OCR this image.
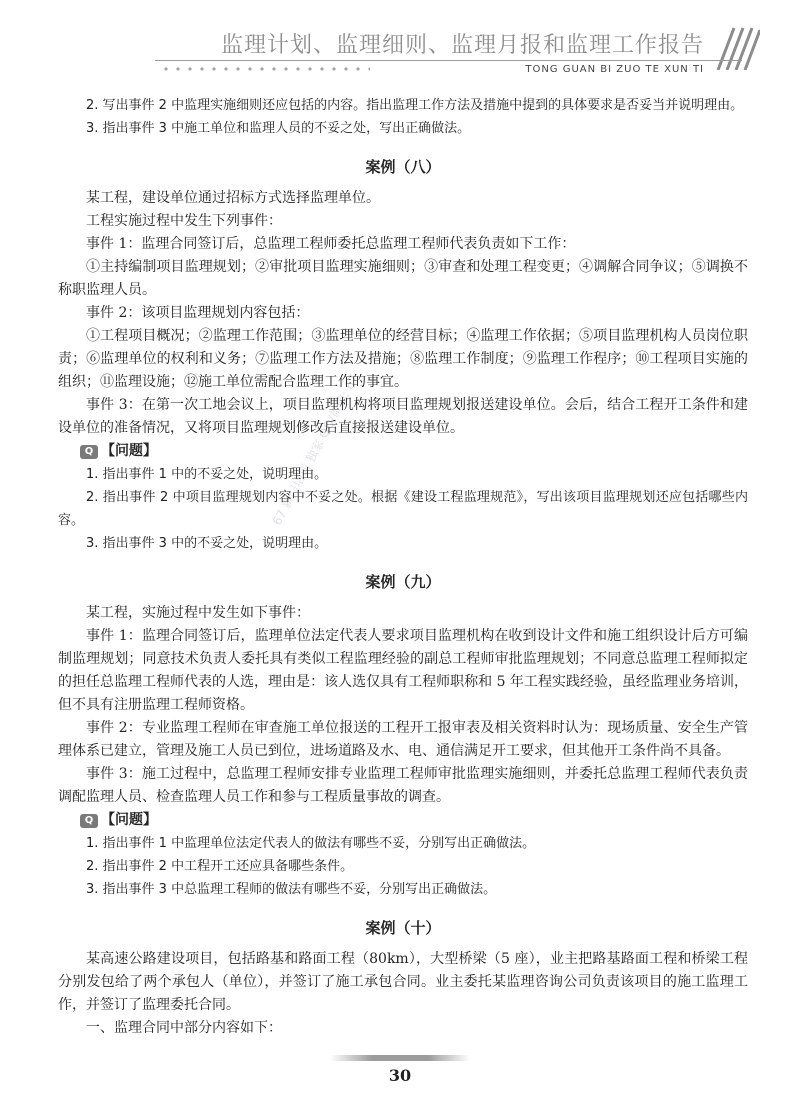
监理计划、监理细则、监理月报和监理工作报告
TONG GUAN BI ZUO TE XUN TI
67 新门培训 独家 QQ/微信: 67

2. 写出事件 2 中监理实施细则还应包括的内容。指出监理工作方法及措施中提到的具体要求是否妥当并说明理由。

3. 指出事件 3 中施工单位和监理人员的不妥之处，写出正确做法。

案例（八）

某工程，建设单位通过招标方式选择监理单位。

工程实施过程中发生下列事件：

事件 1：监理合同签订后，总监理工程师委托总监理工程师代表负责如下工作：

①主持编制项目监理规划；②审批项目监理实施细则；③审查和处理工程变更；④调解合同争议；⑤调换不称职监理人员。

事件 2：该项目监理规划内容包括：

①工程项目概况；②监理工作范围；③监理单位的经营目标；④监理工作依据；⑤项目监理机构人员岗位职责；⑥监理单位的权利和义务；⑦监理工作方法及措施；⑧监理工作制度；⑨监理工作程序；⑩工程项目实施的组织；⑪监理设施；⑫施工单位需配合监理工作的事宜。

事件 3：在第一次工地会议上，项目监理机构将项目监理规划报送建设单位。会后，结合工程开工条件和建设单位的准备情况，又将项目监理规划修改后直接报送建设单位。

Q 【问题】

1. 指出事件 1 中的不妥之处，说明理由。

2. 指出事件 2 中项目监理规划内容中不妥之处。根据《建设工程监理规范》，写出该项目监理规划还应包括哪些内容。

3. 指出事件 3 中的不妥之处，说明理由。

案例（九）

某工程，实施过程中发生如下事件：

事件 1：监理合同签订后，监理单位法定代表人要求项目监理机构在收到设计文件和施工组织设计后方可编制监理规划；同意技术负责人委托具有类似工程监理经验的副总工程师审批监理规划；不同意总监理工程师拟定的担任总监理工程师代表的人选，理由是：该人选仅具有工程师职称和 5 年工程实践经验，虽经监理业务培训，但不具有注册监理工程师资格。

事件 2：专业监理工程师在审查施工单位报送的工程开工报审表及相关资料时认为：现场质量、安全生产管理体系已建立，管理及施工人员已到位，进场道路及水、电、通信满足开工要求，但其他开工条件尚不具备。

事件 3：施工过程中，总监理工程师安排专业监理工程师审批监理实施细则，并委托总监理工程师代表负责调配监理人员、检查监理人员工作和参与工程质量事故的调查。

Q 【问题】

1. 指出事件 1 中监理单位法定代表人的做法有哪些不妥，分别写出正确做法。

2. 指出事件 2 中工程开工还应具备哪些条件。

3. 指出事件 3 中总监理工程师的做法有哪些不妥，分别写出正确做法。

案例（十）

某高速公路建设项目，包括路基和路面工程（80km），大型桥梁（5 座），业主把路基路面工程和桥梁工程分别发包给了两个承包人（单位），并签订了施工承包合同。业主委托某监理咨询公司负责该项目的施工监理工作，并签订了监理委托合同。

一、监理合同中部分内容如下：

30
